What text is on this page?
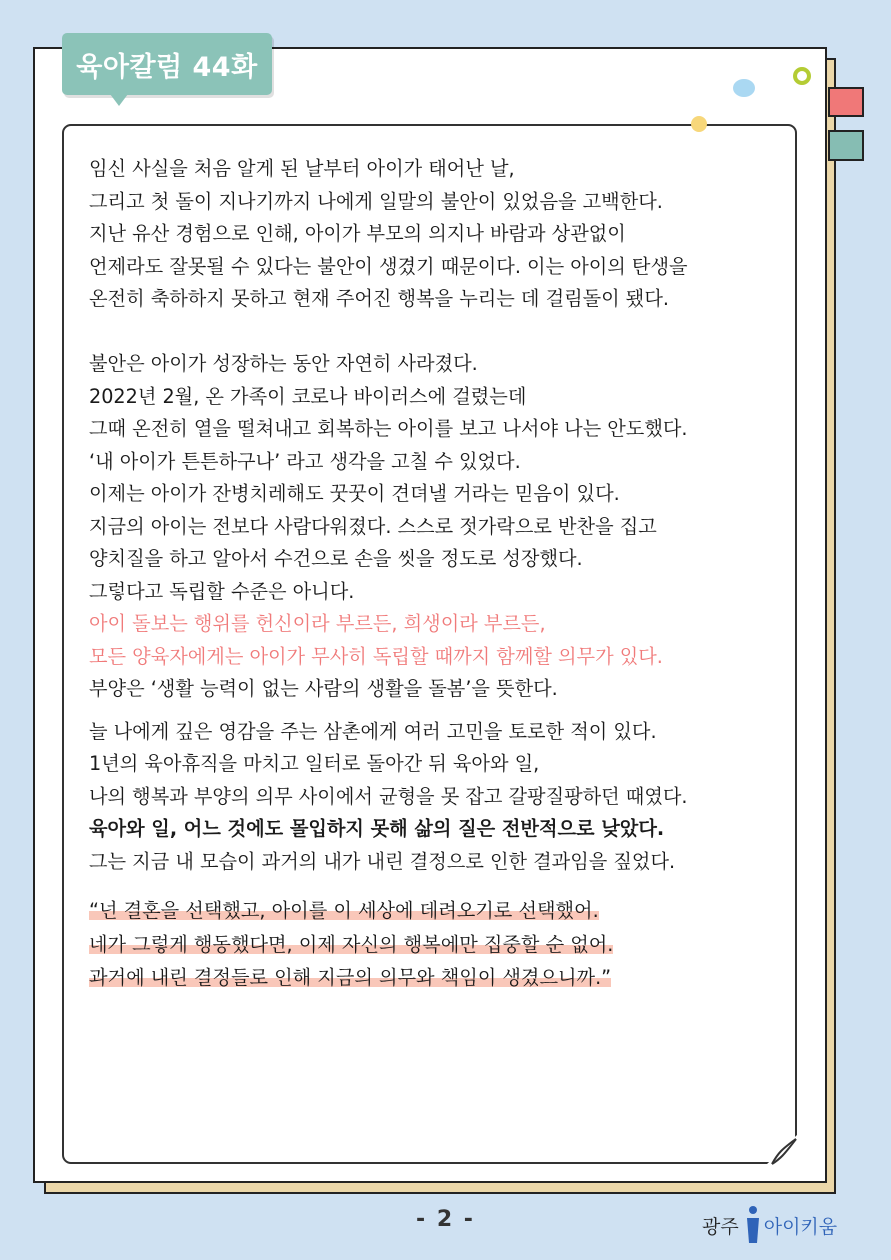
육아칼럼 44화
임신 사실을 처음 알게 된 날부터 아이가 태어난 날,
그리고 첫 돌이 지나기까지 나에게 일말의 불안이 있었음을 고백한다.
지난 유산 경험으로 인해, 아이가 부모의 의지나 바람과 상관없이
언제라도 잘못될 수 있다는 불안이 생겼기 때문이다. 이는 아이의 탄생을
온전히 축하하지 못하고 현재 주어진 행복을 누리는 데 걸림돌이 됐다.
불안은 아이가 성장하는 동안 자연히 사라졌다.
2022년 2월, 온 가족이 코로나 바이러스에 걸렸는데
그때 온전히 열을 떨쳐내고 회복하는 아이를 보고 나서야 나는 안도했다.
‘내 아이가 튼튼하구나’ 라고 생각을 고칠 수 있었다.
이제는 아이가 잔병치레해도 꿋꿋이 견뎌낼 거라는 믿음이 있다.
지금의 아이는 전보다 사람다워졌다. 스스로 젓가락으로 반찬을 집고
양치질을 하고 알아서 수건으로 손을 씻을 정도로 성장했다.
그렇다고 독립할 수준은 아니다.
아이 돌보는 행위를 헌신이라 부르든, 희생이라 부르든,
모든 양육자에게는 아이가 무사히 독립할 때까지 함께할 의무가 있다.
부양은 ‘생활 능력이 없는 사람의 생활을 돌봄’을 뜻한다.
늘 나에게 깊은 영감을 주는 삼촌에게 여러 고민을 토로한 적이 있다.
1년의 육아휴직을 마치고 일터로 돌아간 뒤 육아와 일,
나의 행복과 부양의 의무 사이에서 균형을 못 잡고 갈팡질팡하던 때였다.
육아와 일, 어느 것에도 몰입하지 못해 삶의 질은 전반적으로 낮았다.
그는 지금 내 모습이 과거의 내가 내린 결정으로 인한 결과임을 짚었다.
“넌 결혼을 선택했고, 아이를 이 세상에 데려오기로 선택했어.
네가 그렇게 행동했다면, 이제 자신의 행복에만 집중할 순 없어.
과거에 내린 결정들로 인해 지금의 의무와 책임이 생겼으니까.”
- 2 -	광주 아이키움
